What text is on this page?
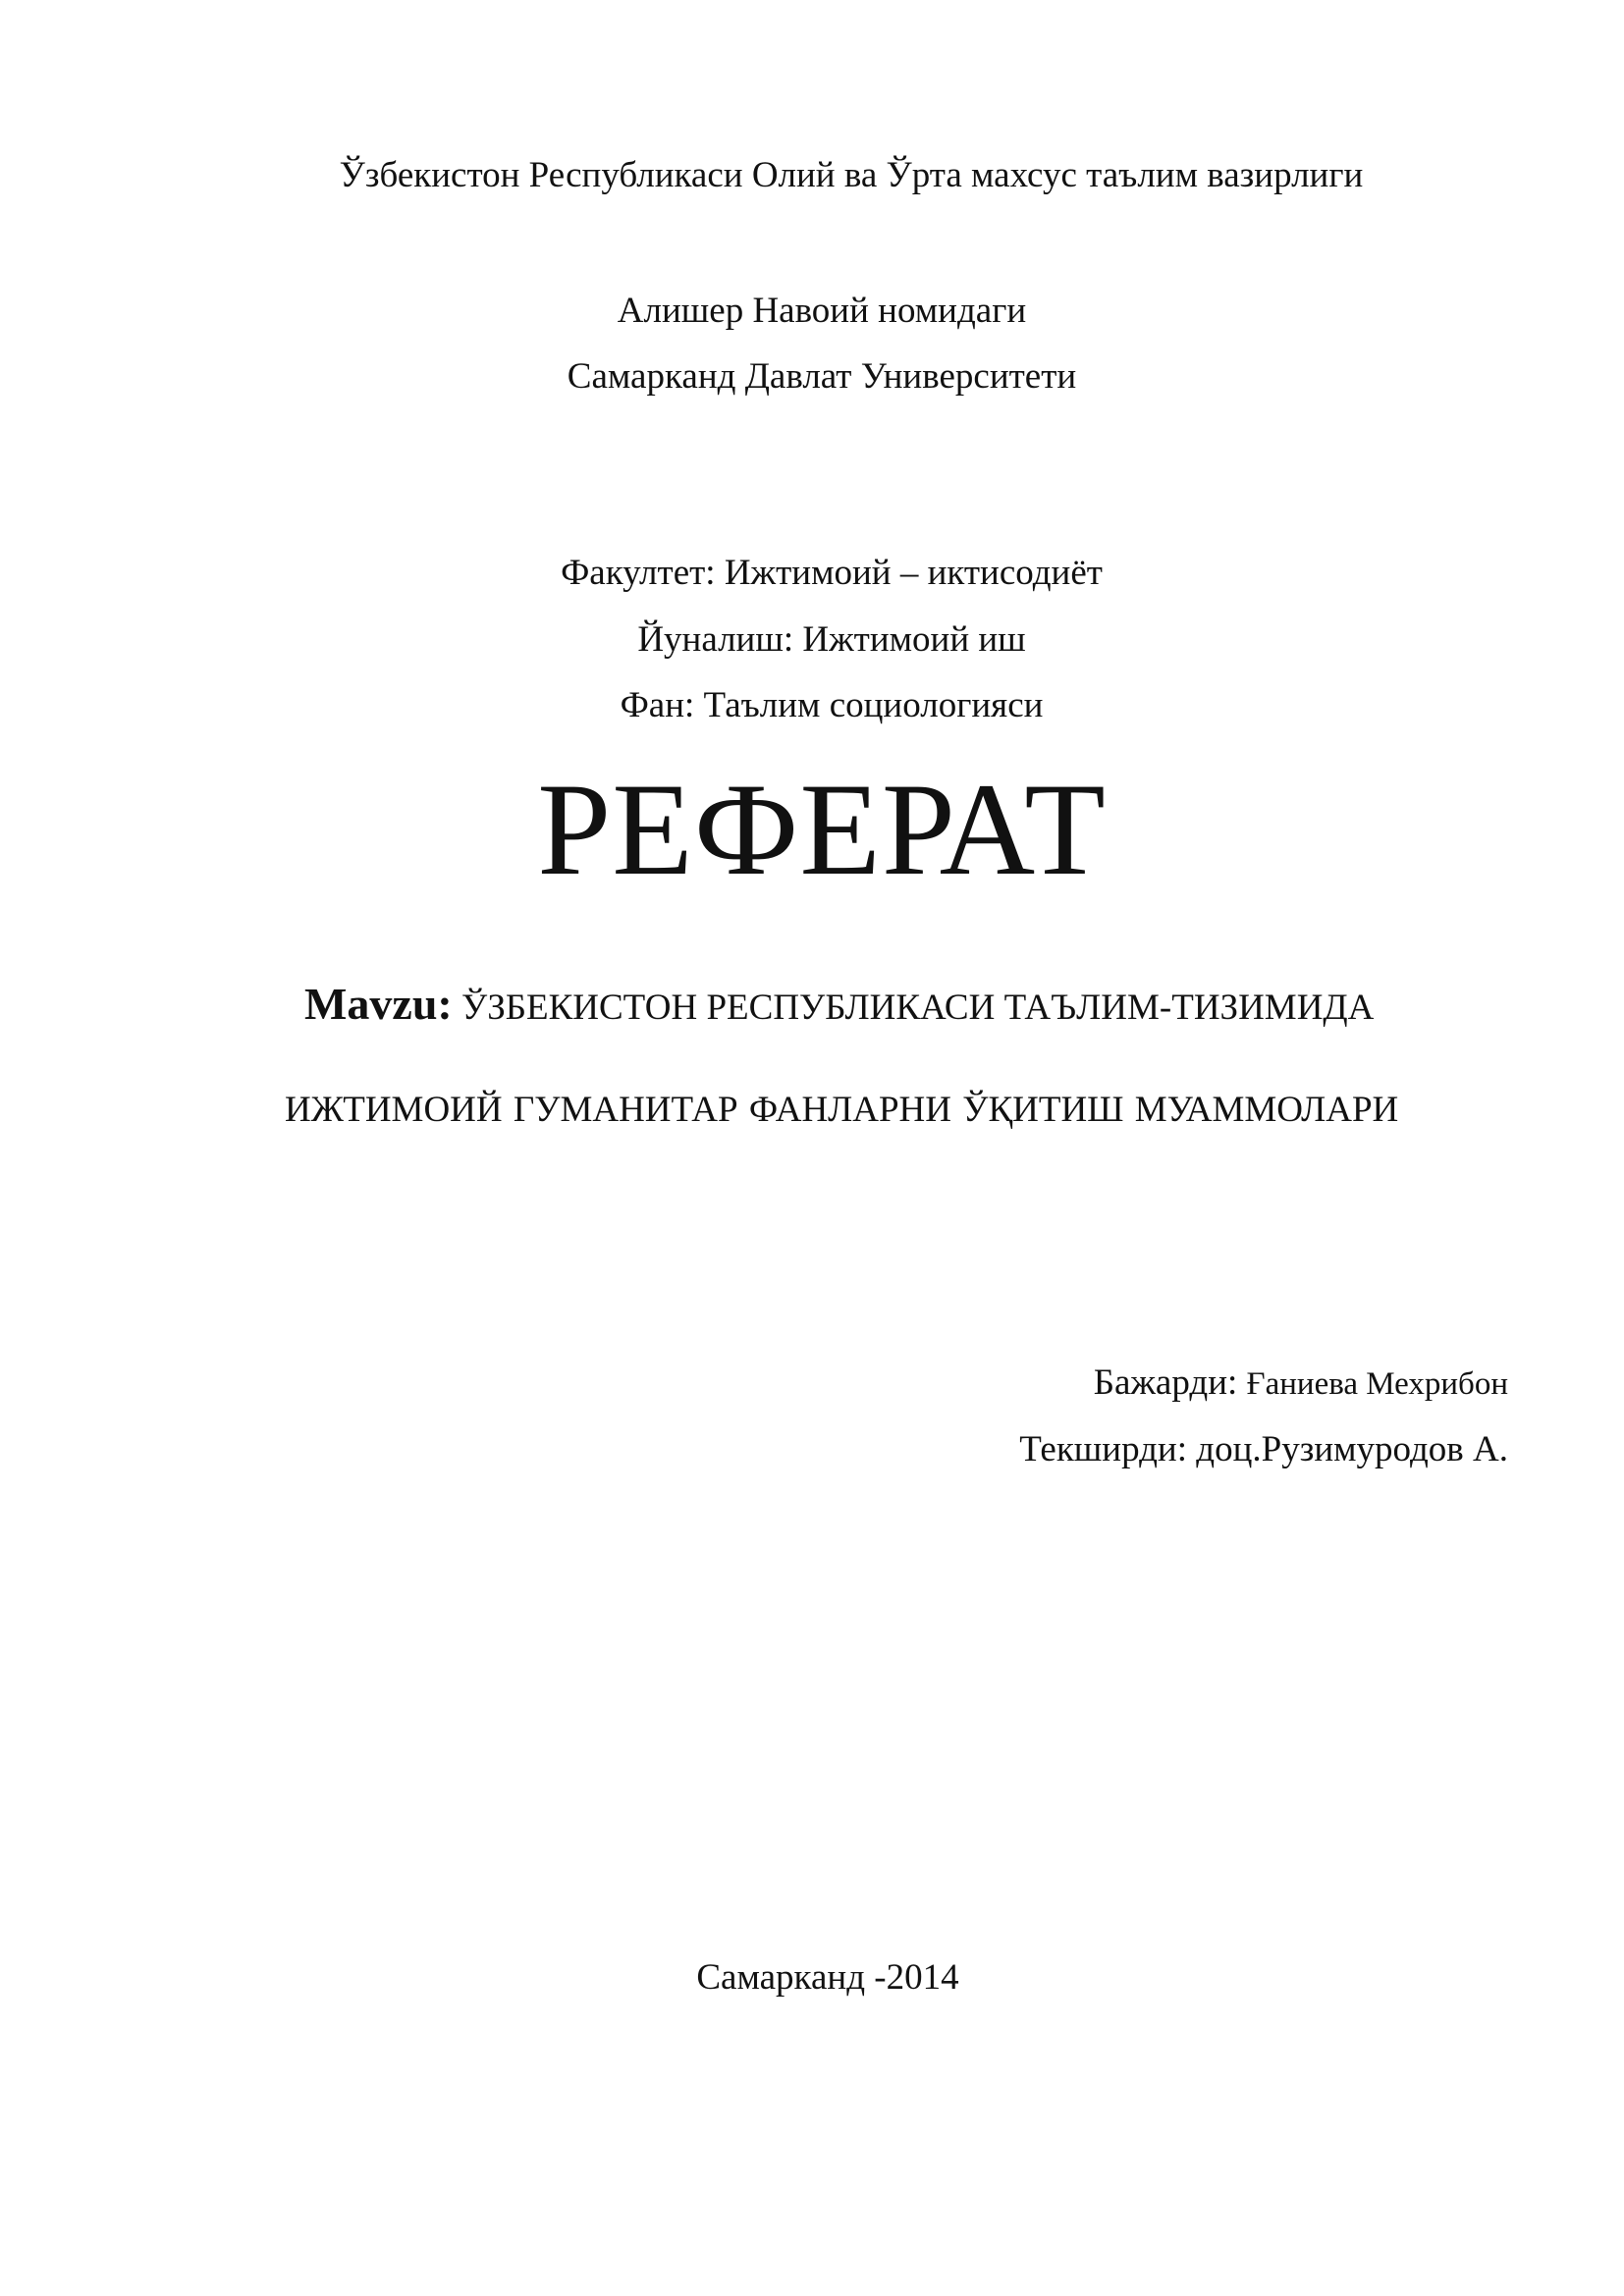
Ўзбекистон Республикаси Олий ва Ўрта махсус таълим вазирлиги
Алишер Навоий номидаги
Самарканд Давлат Университети
Факултет: Ижтимоий – иктисодиёт
Йуналиш: Ижтимоий иш
Фан: Таълим социологияси
РЕФЕРАТ
Mavzu: ЎЗБЕКИСТОН РЕСПУБЛИКАСИ ТАЪЛИМ-ТИЗИМИДА
ИЖТИМОИЙ ГУМАНИТАР ФАНЛАРНИ ЎҚИТИШ МУАММОЛАРИ
Бажарди: Ғаниева Мехрибон
Текширди: доц.Рузимуродов А.
Самарканд -2014
